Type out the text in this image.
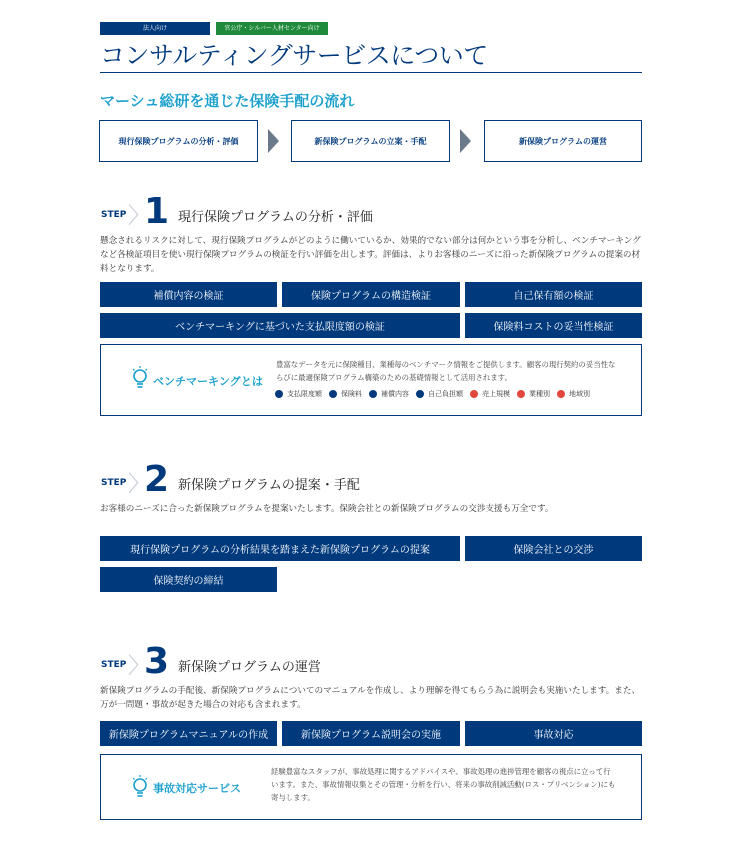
法人向け	官公庁・シルバー人材センター向け
コンサルティングサービスについて
マーシュ総研を通じた保険手配の流れ
現行保険プログラムの分析・評価	新保険プログラムの立案・手配	新保険プログラムの運営
STEP 〉
1 現行保険プログラムの分析・評価
懸念されるリスクに対して、現行保険プログラムがどのように働いているか、効果的でない部分は何かという事を分析し、ベンチマーキングなど各検証項目を使い現行保険プログラムの検証を行い評価を出します。評価は、よりお客様のニーズに沿った新保険プログラムの提案の材料となります。
補償内容の検証	保険プログラムの構造検証	自己保有額の検証
ベンチマーキングに基づいた支払限度額の検証	保険料コストの妥当性検証
ベンチマーキングとは
豊富なデータを元に保険種目、業種毎のベンチマーク情報をご提供します。顧客の現行契約の妥当性ならびに最適保険プログラム構築のための基礎情報として活用されます。
支払限度額	保険料	補償内容	自己負担額	売上規模	業種別	地域別
STEP 〉
2 新保険プログラムの提案・手配
お客様のニーズに合った新保険プログラムを提案いたします。保険会社との新保険プログラムの交渉支援も万全です。
現行保険プログラムの分析結果を踏まえた新保険プログラムの提案	保険会社との交渉
保険契約の締結
STEP 〉
3 新保険プログラムの運営
新保険プログラムの手配後、新保険プログラムについてのマニュアルを作成し、より理解を得てもらう為に説明会も実施いたします。また、万が一問題・事故が起きた場合の対応も含まれます。
新保険プログラムマニュアルの作成	新保険プログラム説明会の実施	事故対応
事故対応サービス
経験豊富なスタッフが、事故処理に関するアドバイスや、事故処理の進捗管理を顧客の視点に立って行います。また、事故情報収集とその管理・分析を行い、将来の事故削減活動(ロス・プリベンション)にも寄与します。
